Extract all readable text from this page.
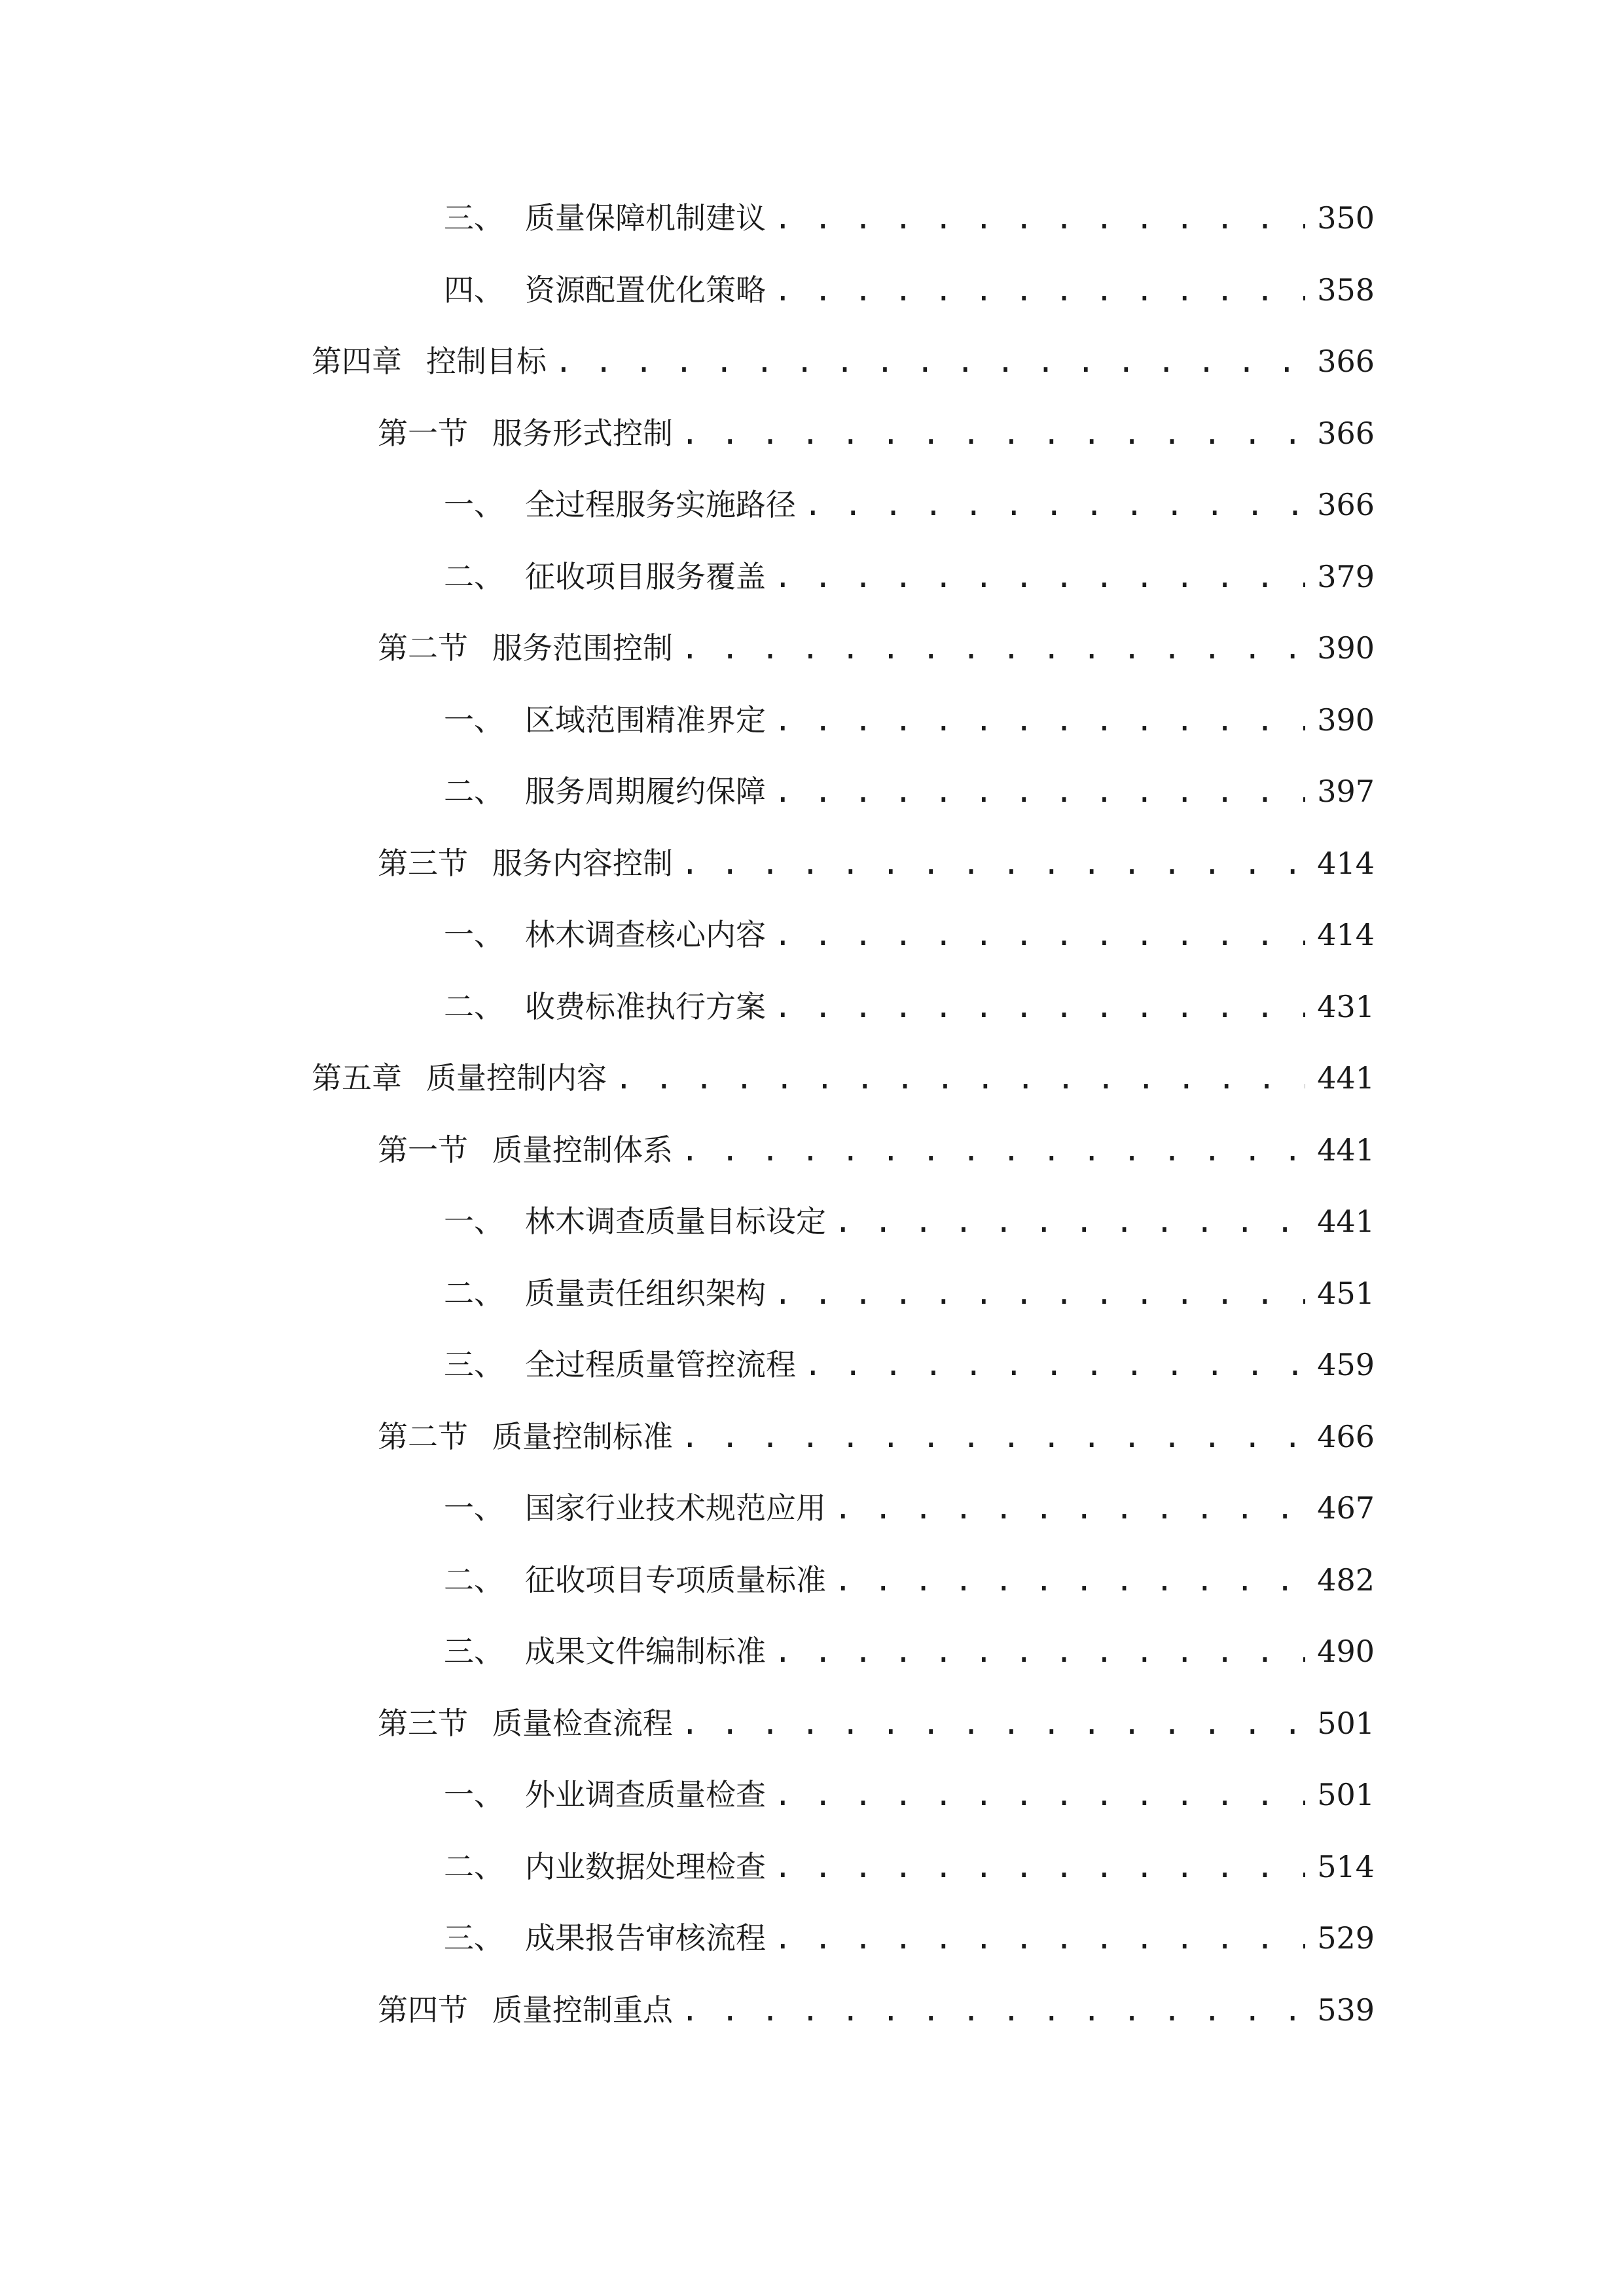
三、 质量保障机制建议 . . .	350
四、 资源配置优化策略 . . .	358
第四章 控制目标 . . .	366
第一节 服务形式控制 . . .	366
一、 全过程服务实施路径 . . .	366
二、 征收项目服务覆盖 . . .	379
第二节 服务范围控制 . . .	390
一、 区域范围精准界定 . . .	390
二、 服务周期履约保障 . . .	397
第三节 服务内容控制 . . .	414
一、 林木调查核心内容 . . .	414
二、 收费标准执行方案 . . .	431
第五章 质量控制内容 . . .	441
第一节 质量控制体系 . . .	441
一、 林木调查质量目标设定 . . .	441
二、 质量责任组织架构 . . .	451
三、 全过程质量管控流程 . . .	459
第二节 质量控制标准 . . .	466
一、 国家行业技术规范应用 . . .	467
二、 征收项目专项质量标准 . . .	482
三、 成果文件编制标准 . . .	490
第三节 质量检查流程 . . .	501
一、 外业调查质量检查 . . .	501
二、 内业数据处理检查 . . .	514
三、 成果报告审核流程 . . .	529
第四节 质量控制重点 . . .	539
